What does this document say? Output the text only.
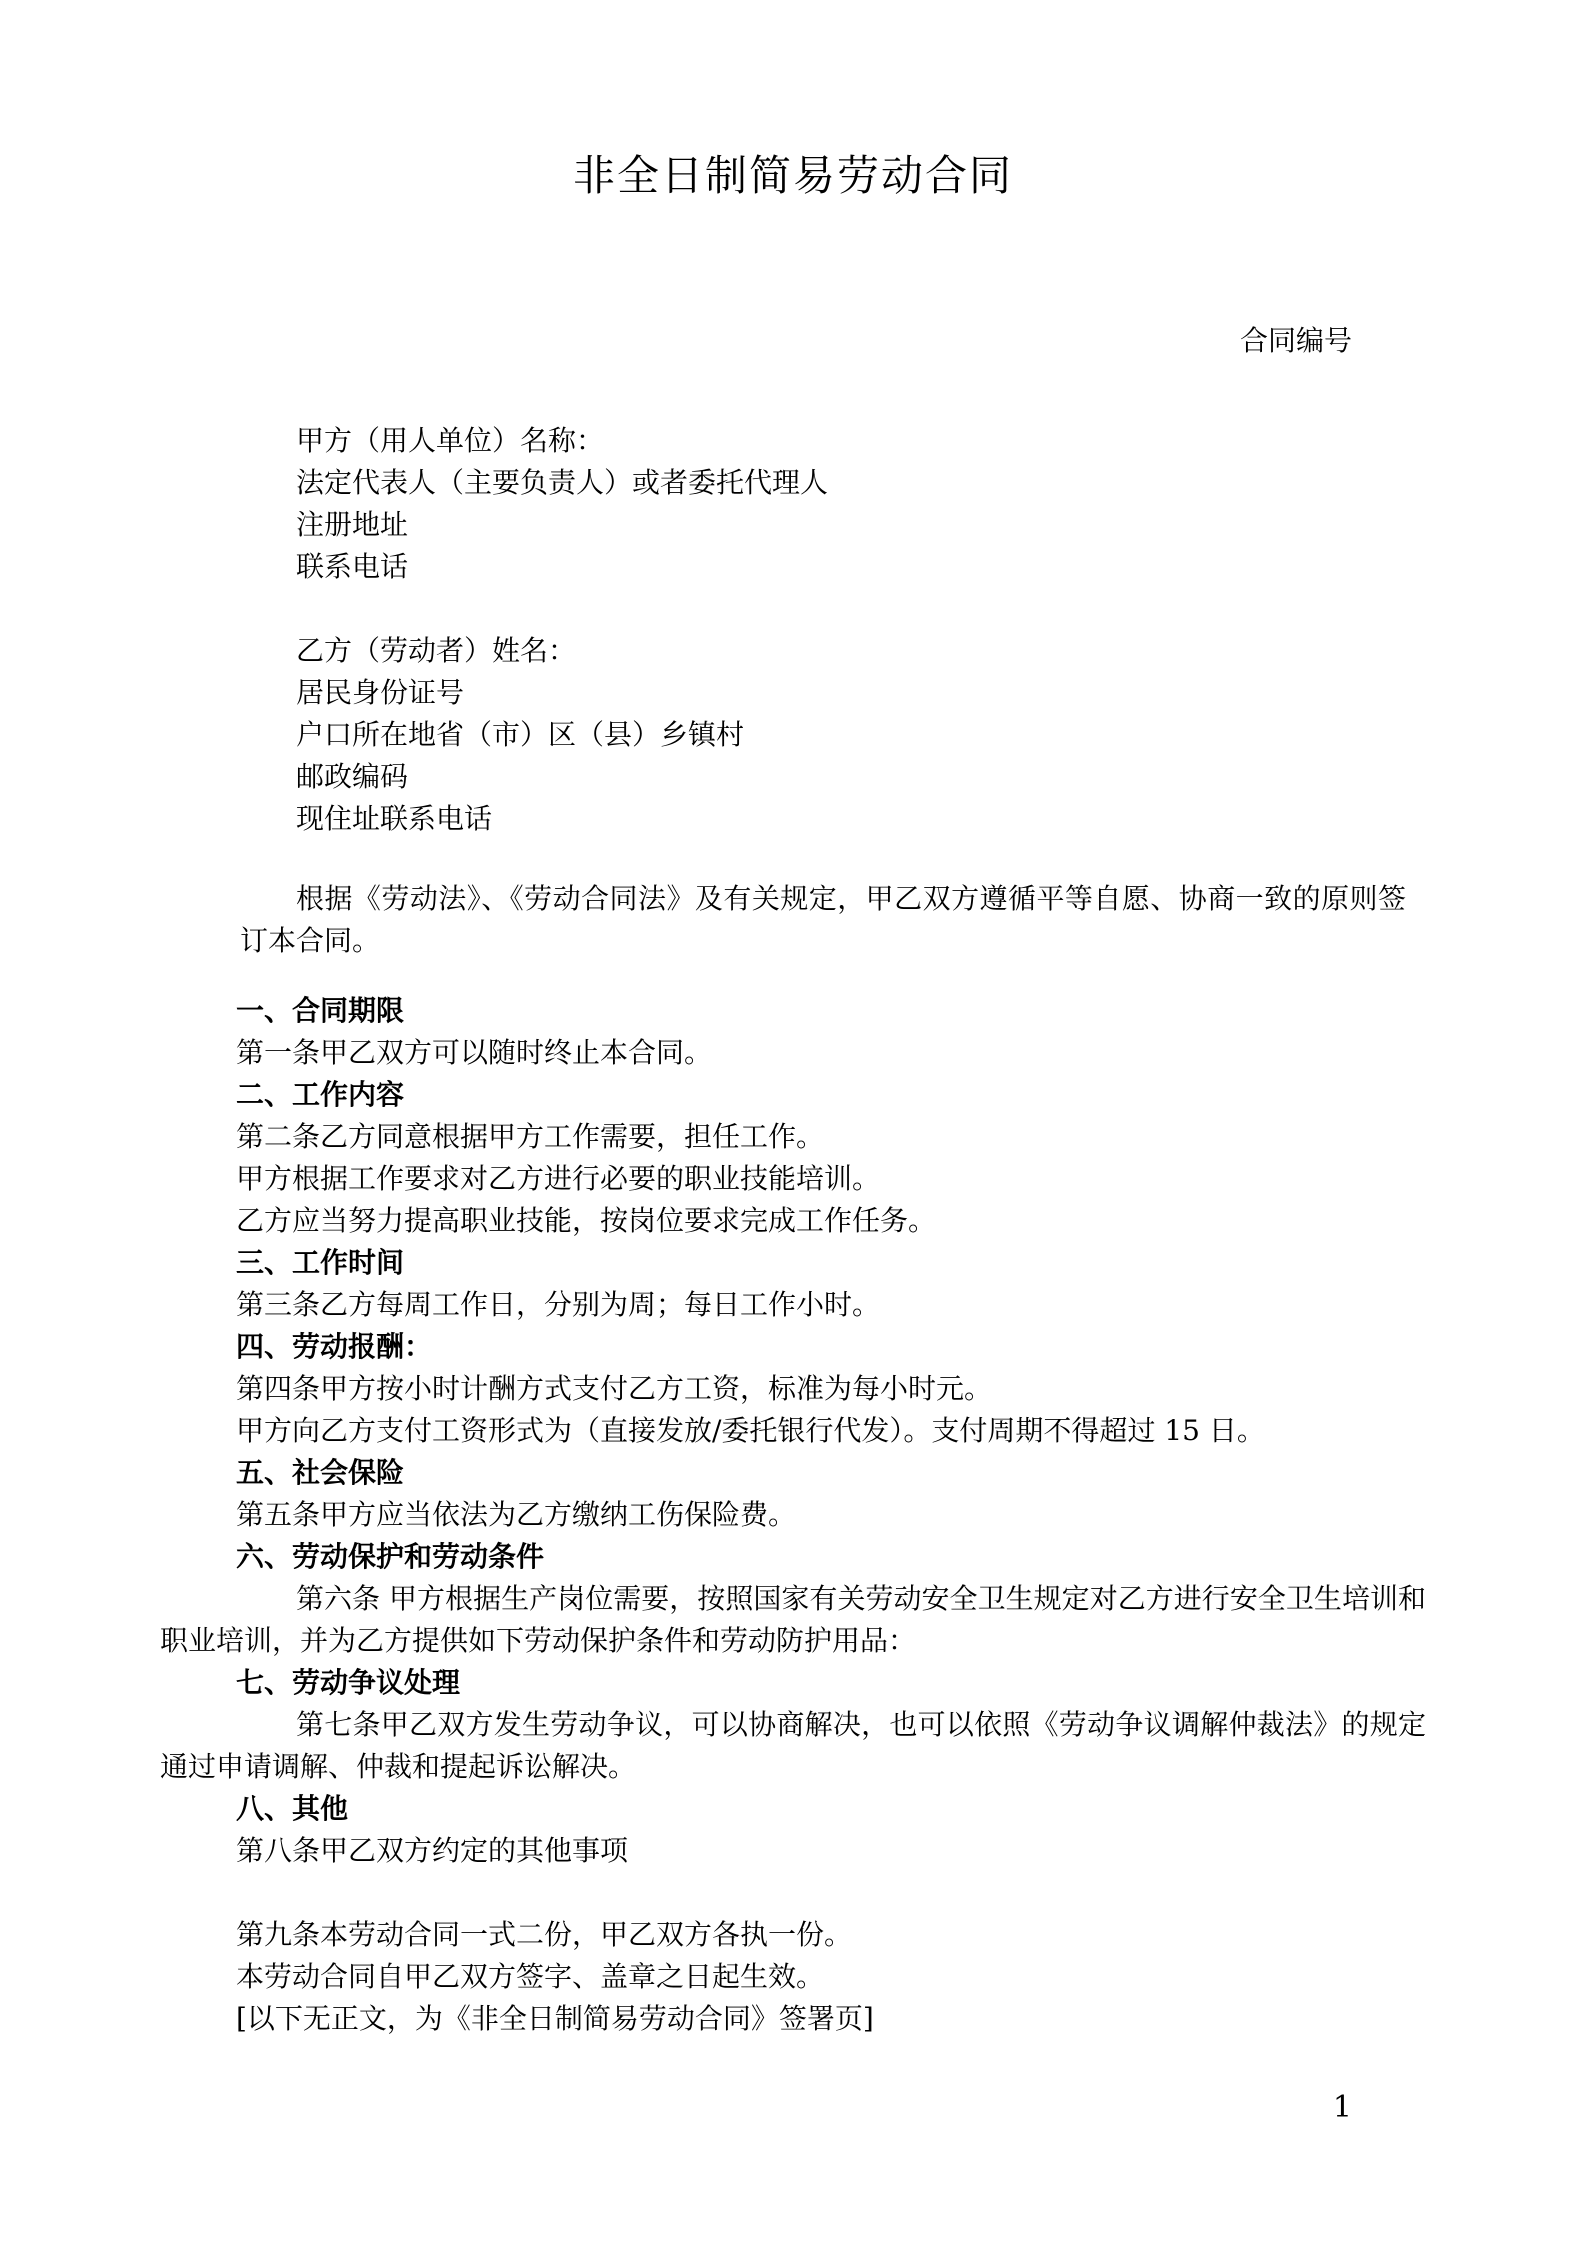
非全日制简易劳动合同
合同编号
甲方（用人单位）名称：
法定代表人（主要负责人）或者委托代理人
注册地址
联系电话
乙方（劳动者）姓名：
居民身份证号
户口所在地省（市）区（县）乡镇村
邮政编码
现住址联系电话

根据《劳动法》、《劳动合同法》及有关规定，甲乙双方遵循平等自愿、协商一致的原则签订本合同。

一、合同期限
第一条甲乙双方可以随时终止本合同。
二、工作内容
第二条乙方同意根据甲方工作需要，担任工作。
甲方根据工作要求对乙方进行必要的职业技能培训。
乙方应当努力提高职业技能，按岗位要求完成工作任务。
三、工作时间
第三条乙方每周工作日，分别为周；每日工作小时。
四、劳动报酬：
第四条甲方按小时计酬方式支付乙方工资，标准为每小时元。
甲方向乙方支付工资形式为（直接发放/委托银行代发）。支付周期不得超过 15 日。
五、社会保险
第五条甲方应当依法为乙方缴纳工伤保险费。
六、劳动保护和劳动条件
第六条 甲方根据生产岗位需要，按照国家有关劳动安全卫生规定对乙方进行安全卫生培训和职业培训，并为乙方提供如下劳动保护条件和劳动防护用品：
七、劳动争议处理
第七条甲乙双方发生劳动争议，可以协商解决，也可以依照《劳动争议调解仲裁法》的规定通过申请调解、仲裁和提起诉讼解决。
八、其他
第八条甲乙双方约定的其他事项
第九条本劳动合同一式二份，甲乙双方各执一份。
本劳动合同自甲乙双方签字、盖章之日起生效。
[以下无正文，为《非全日制简易劳动合同》签署页]
1
